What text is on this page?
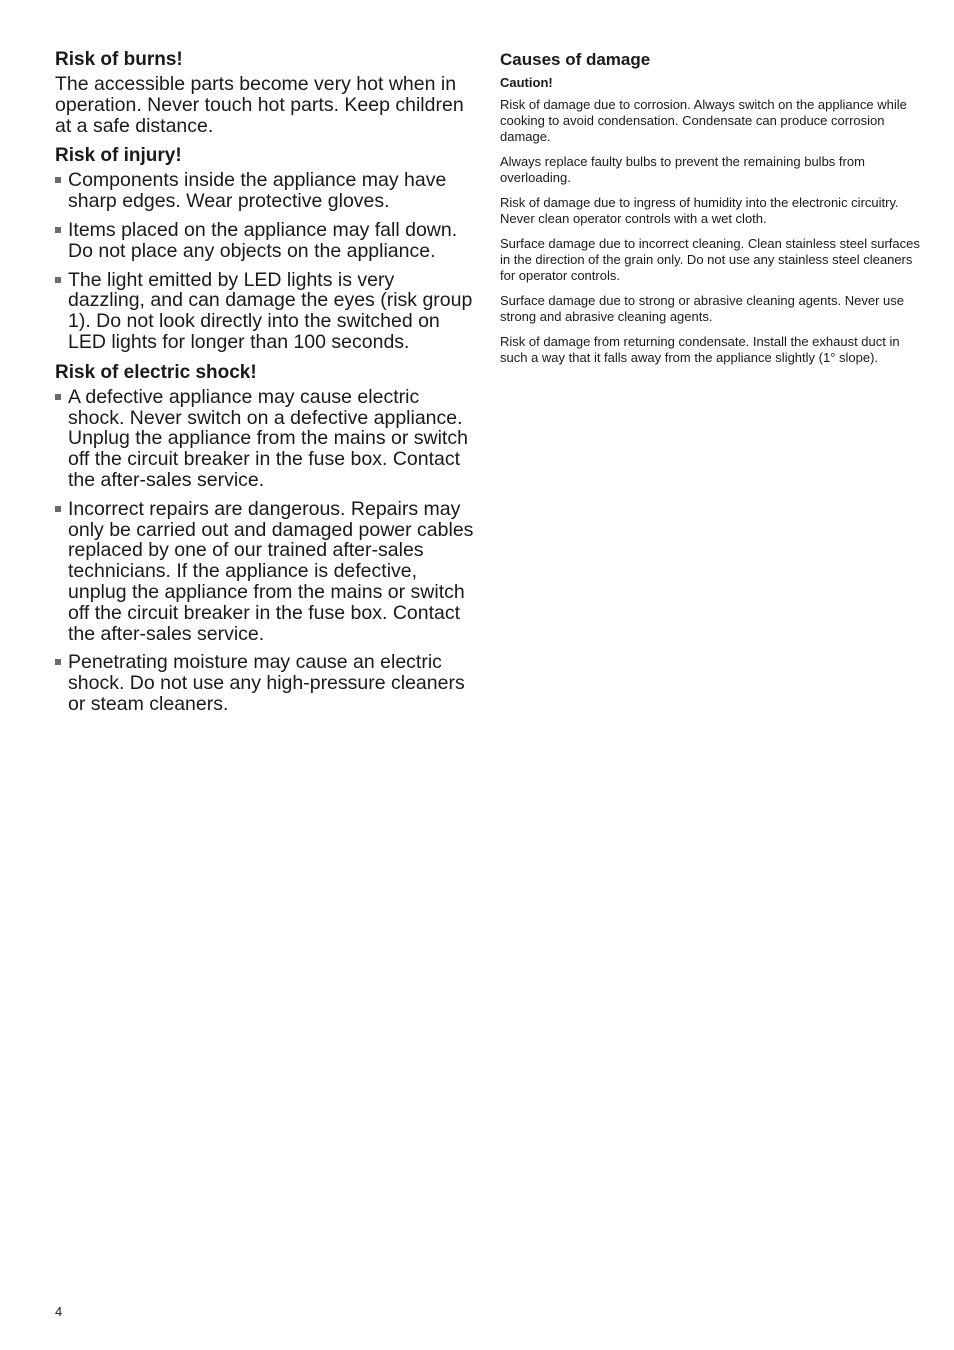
Risk of burns!

The accessible parts become very hot when in operation. Never touch hot parts. Keep children at a safe distance.

Risk of injury!
Components inside the appliance may have sharp edges. Wear protective gloves.
Items placed on the appliance may fall down. Do not place any objects on the appliance.
The light emitted by LED lights is very dazzling, and can damage the eyes (risk group 1). Do not look directly into the switched on LED lights for longer than 100 seconds.
Risk of electric shock!
A defective appliance may cause electric shock. Never switch on a defective appliance. Unplug the appliance from the mains or switch off the circuit breaker in the fuse box. Contact the after-sales service.
Incorrect repairs are dangerous. Repairs may only be carried out and damaged power cables replaced by one of our trained after-sales technicians. If the appliance is defective, unplug the appliance from the mains or switch off the circuit breaker in the fuse box. Contact the after-sales service.
Penetrating moisture may cause an electric shock. Do not use any high-pressure cleaners or steam cleaners.
Causes of damage
Caution!

Risk of damage due to corrosion. Always switch on the appliance while cooking to avoid condensation. Condensate can produce corrosion damage.

Always replace faulty bulbs to prevent the remaining bulbs from overloading.

Risk of damage due to ingress of humidity into the electronic circuitry. Never clean operator controls with a wet cloth.

Surface damage due to incorrect cleaning. Clean stainless steel surfaces in the direction of the grain only. Do not use any stainless steel cleaners for operator controls.

Surface damage due to strong or abrasive cleaning agents. Never use strong and abrasive cleaning agents.

Risk of damage from returning condensate. Install the exhaust duct in such a way that it falls away from the appliance slightly (1° slope).

4
